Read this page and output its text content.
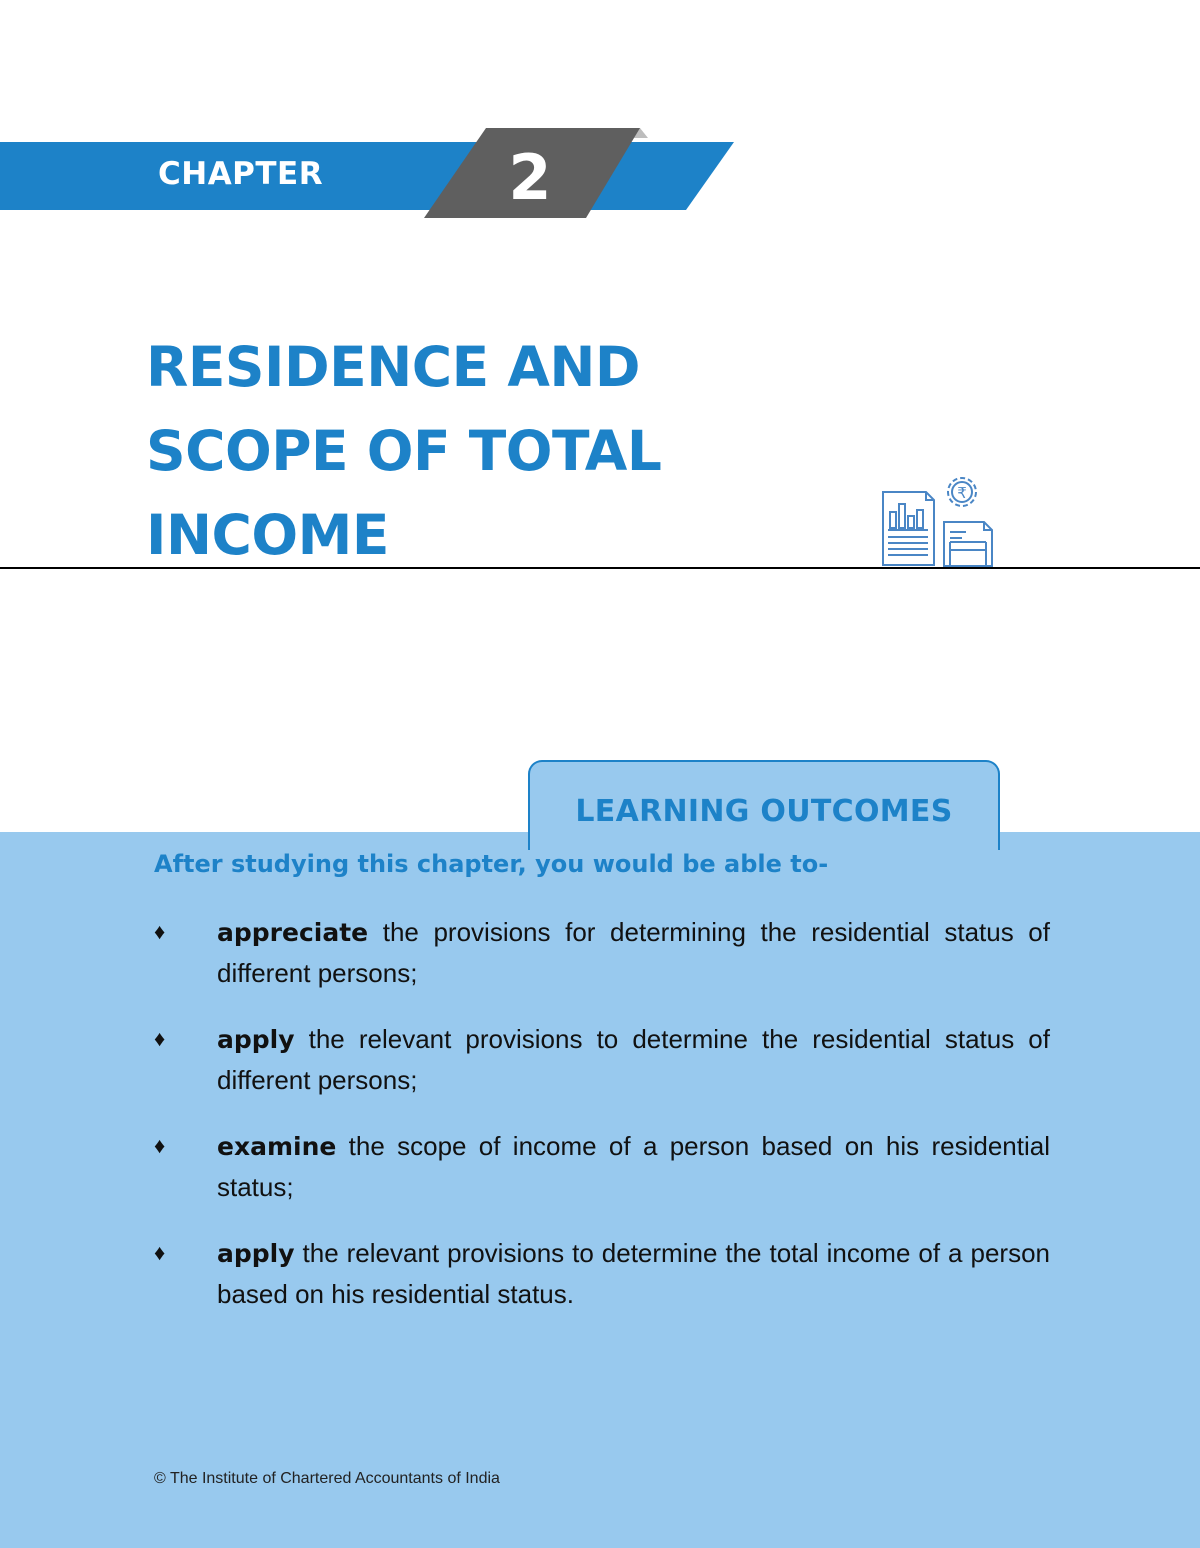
CHAPTER	2
RESIDENCE AND
SCOPE OF TOTAL
INCOME
₹
LEARNING OUTCOMES

After studying this chapter, you would be able to-

♦ appreciate the provisions for determining the residential status of different persons;
♦ apply the relevant provisions to determine the residential status of different persons;
♦ examine the scope of income of a person based on his residential status;
♦ apply the relevant provisions to determine the total income of a person based on his residential status.

© The Institute of Chartered Accountants of India
